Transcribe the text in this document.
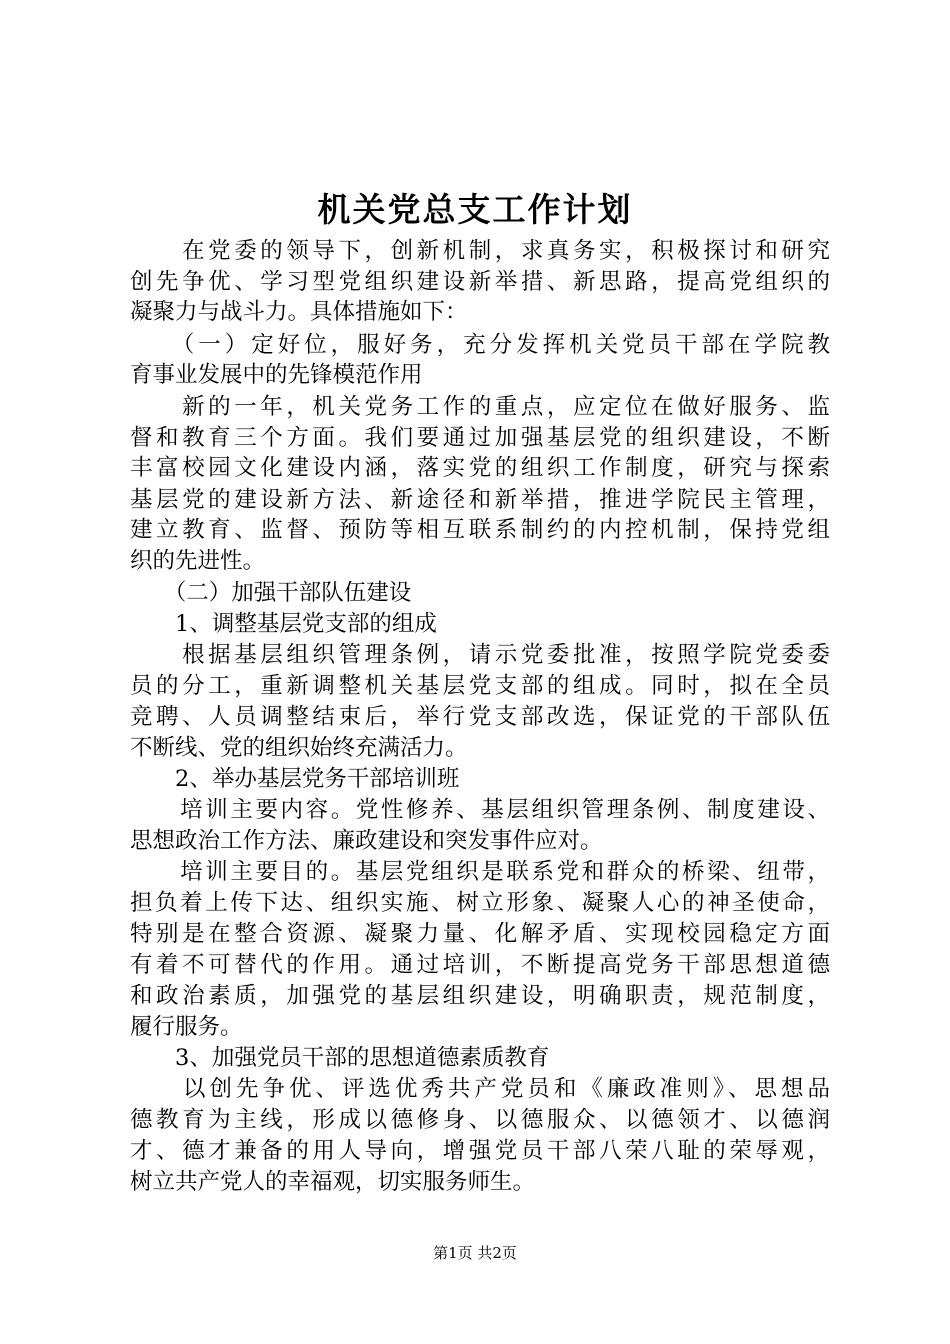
机关党总支工作计划
　　在党委的领导下，创新机制，求真务实，积极探讨和研究
创先争优、学习型党组织建设新举措、新思路，提高党组织的
凝聚力与战斗力。具体措施如下：
　　（一）定好位，服好务，充分发挥机关党员干部在学院教
育事业发展中的先锋模范作用
　　新的一年，机关党务工作的重点，应定位在做好服务、监
督和教育三个方面。我们要通过加强基层党的组织建设，不断
丰富校园文化建设内涵，落实党的组织工作制度，研究与探索
基层党的建设新方法、新途径和新举措，推进学院民主管理，
建立教育、监督、预防等相互联系制约的内控机制，保持党组
织的先进性。
　　（二）加强干部队伍建设
　　1、调整基层党支部的组成
　　根据基层组织管理条例，请示党委批准，按照学院党委委
员的分工，重新调整机关基层党支部的组成。同时，拟在全员
竞聘、人员调整结束后，举行党支部改选，保证党的干部队伍
不断线、党的组织始终充满活力。
　　2、举办基层党务干部培训班
　　培训主要内容。党性修养、基层组织管理条例、制度建设、
思想政治工作方法、廉政建设和突发事件应对。
　　培训主要目的。基层党组织是联系党和群众的桥梁、纽带，
担负着上传下达、组织实施、树立形象、凝聚人心的神圣使命，
特别是在整合资源、凝聚力量、化解矛盾、实现校园稳定方面
有着不可替代的作用。通过培训，不断提高党务干部思想道德
和政治素质，加强党的基层组织建设，明确职责，规范制度，
履行服务。
　　3、加强党员干部的思想道德素质教育
　　以创先争优、评选优秀共产党员和《廉政准则》、思想品
德教育为主线，形成以德修身、以德服众、以德领才、以德润
才、德才兼备的用人导向，增强党员干部八荣八耻的荣辱观，
树立共产党人的幸福观，切实服务师生。
第1页 共2页
